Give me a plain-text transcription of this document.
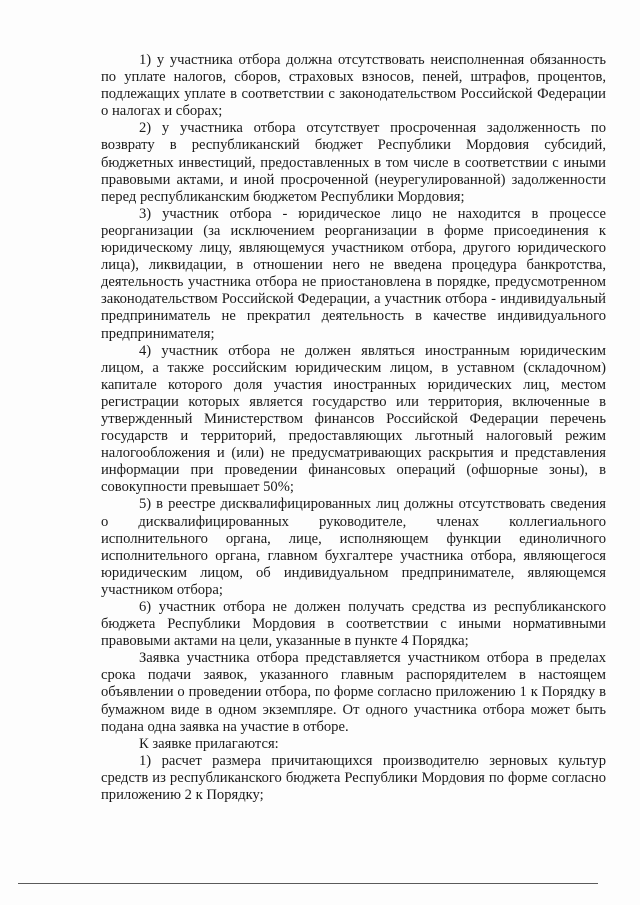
1) у участника отбора должна отсутствовать неисполненная обязанность по уплате налогов, сборов, страховых взносов, пеней, штрафов, процентов, подлежащих уплате в соответствии с законодательством Российской Федерации о налогах и сборах;

2) у участника отбора отсутствует просроченная задолженность по возврату в республиканский бюджет Республики Мордовия субсидий, бюджетных инвестиций, предоставленных в том числе в соответствии с иными правовыми актами, и иной просроченной (неурегулированной) задолженности перед республиканским бюджетом Республики Мордовия;

3) участник отбора - юридическое лицо не находится в процессе реорганизации (за исключением реорганизации в форме присоединения к юридическому лицу, являющемуся участником отбора, другого юридического лица), ликвидации, в отношении него не введена процедура банкротства, деятельность участника отбора не приостановлена в порядке, предусмотренном законодательством Российской Федерации, а участник отбора - индивидуальный предприниматель не прекратил деятельность в качестве индивидуального предпринимателя;

4) участник отбора не должен являться иностранным юридическим лицом, а также российским юридическим лицом, в уставном (складочном) капитале которого доля участия иностранных юридических лиц, местом регистрации которых является государство или территория, включенные в утвержденный Министерством финансов Российской Федерации перечень государств и территорий, предоставляющих льготный налоговый режим налогообложения и (или) не предусматривающих раскрытия и представления информации при проведении финансовых операций (офшорные зоны), в совокупности превышает 50%;

5) в реестре дисквалифицированных лиц должны отсутствовать сведения о дисквалифицированных руководителе, членах коллегиального исполнительного органа, лице, исполняющем функции единоличного исполнительного органа, главном бухгалтере участника отбора, являющегося юридическим лицом, об индивидуальном предпринимателе, являющемся участником отбора;

6) участник отбора не должен получать средства из республиканского бюджета Республики Мордовия в соответствии с иными нормативными правовыми актами на цели, указанные в пункте 4 Порядка;

Заявка участника отбора представляется участником отбора в пределах срока подачи заявок, указанного главным распорядителем в настоящем объявлении о проведении отбора, по форме согласно приложению 1 к Порядку в бумажном виде в одном экземпляре. От одного участника отбора может быть подана одна заявка на участие в отборе.

К заявке прилагаются:

1) расчет размера причитающихся производителю зерновых культур средств из республиканского бюджета Республики Мордовия по форме согласно приложению 2 к Порядку;
